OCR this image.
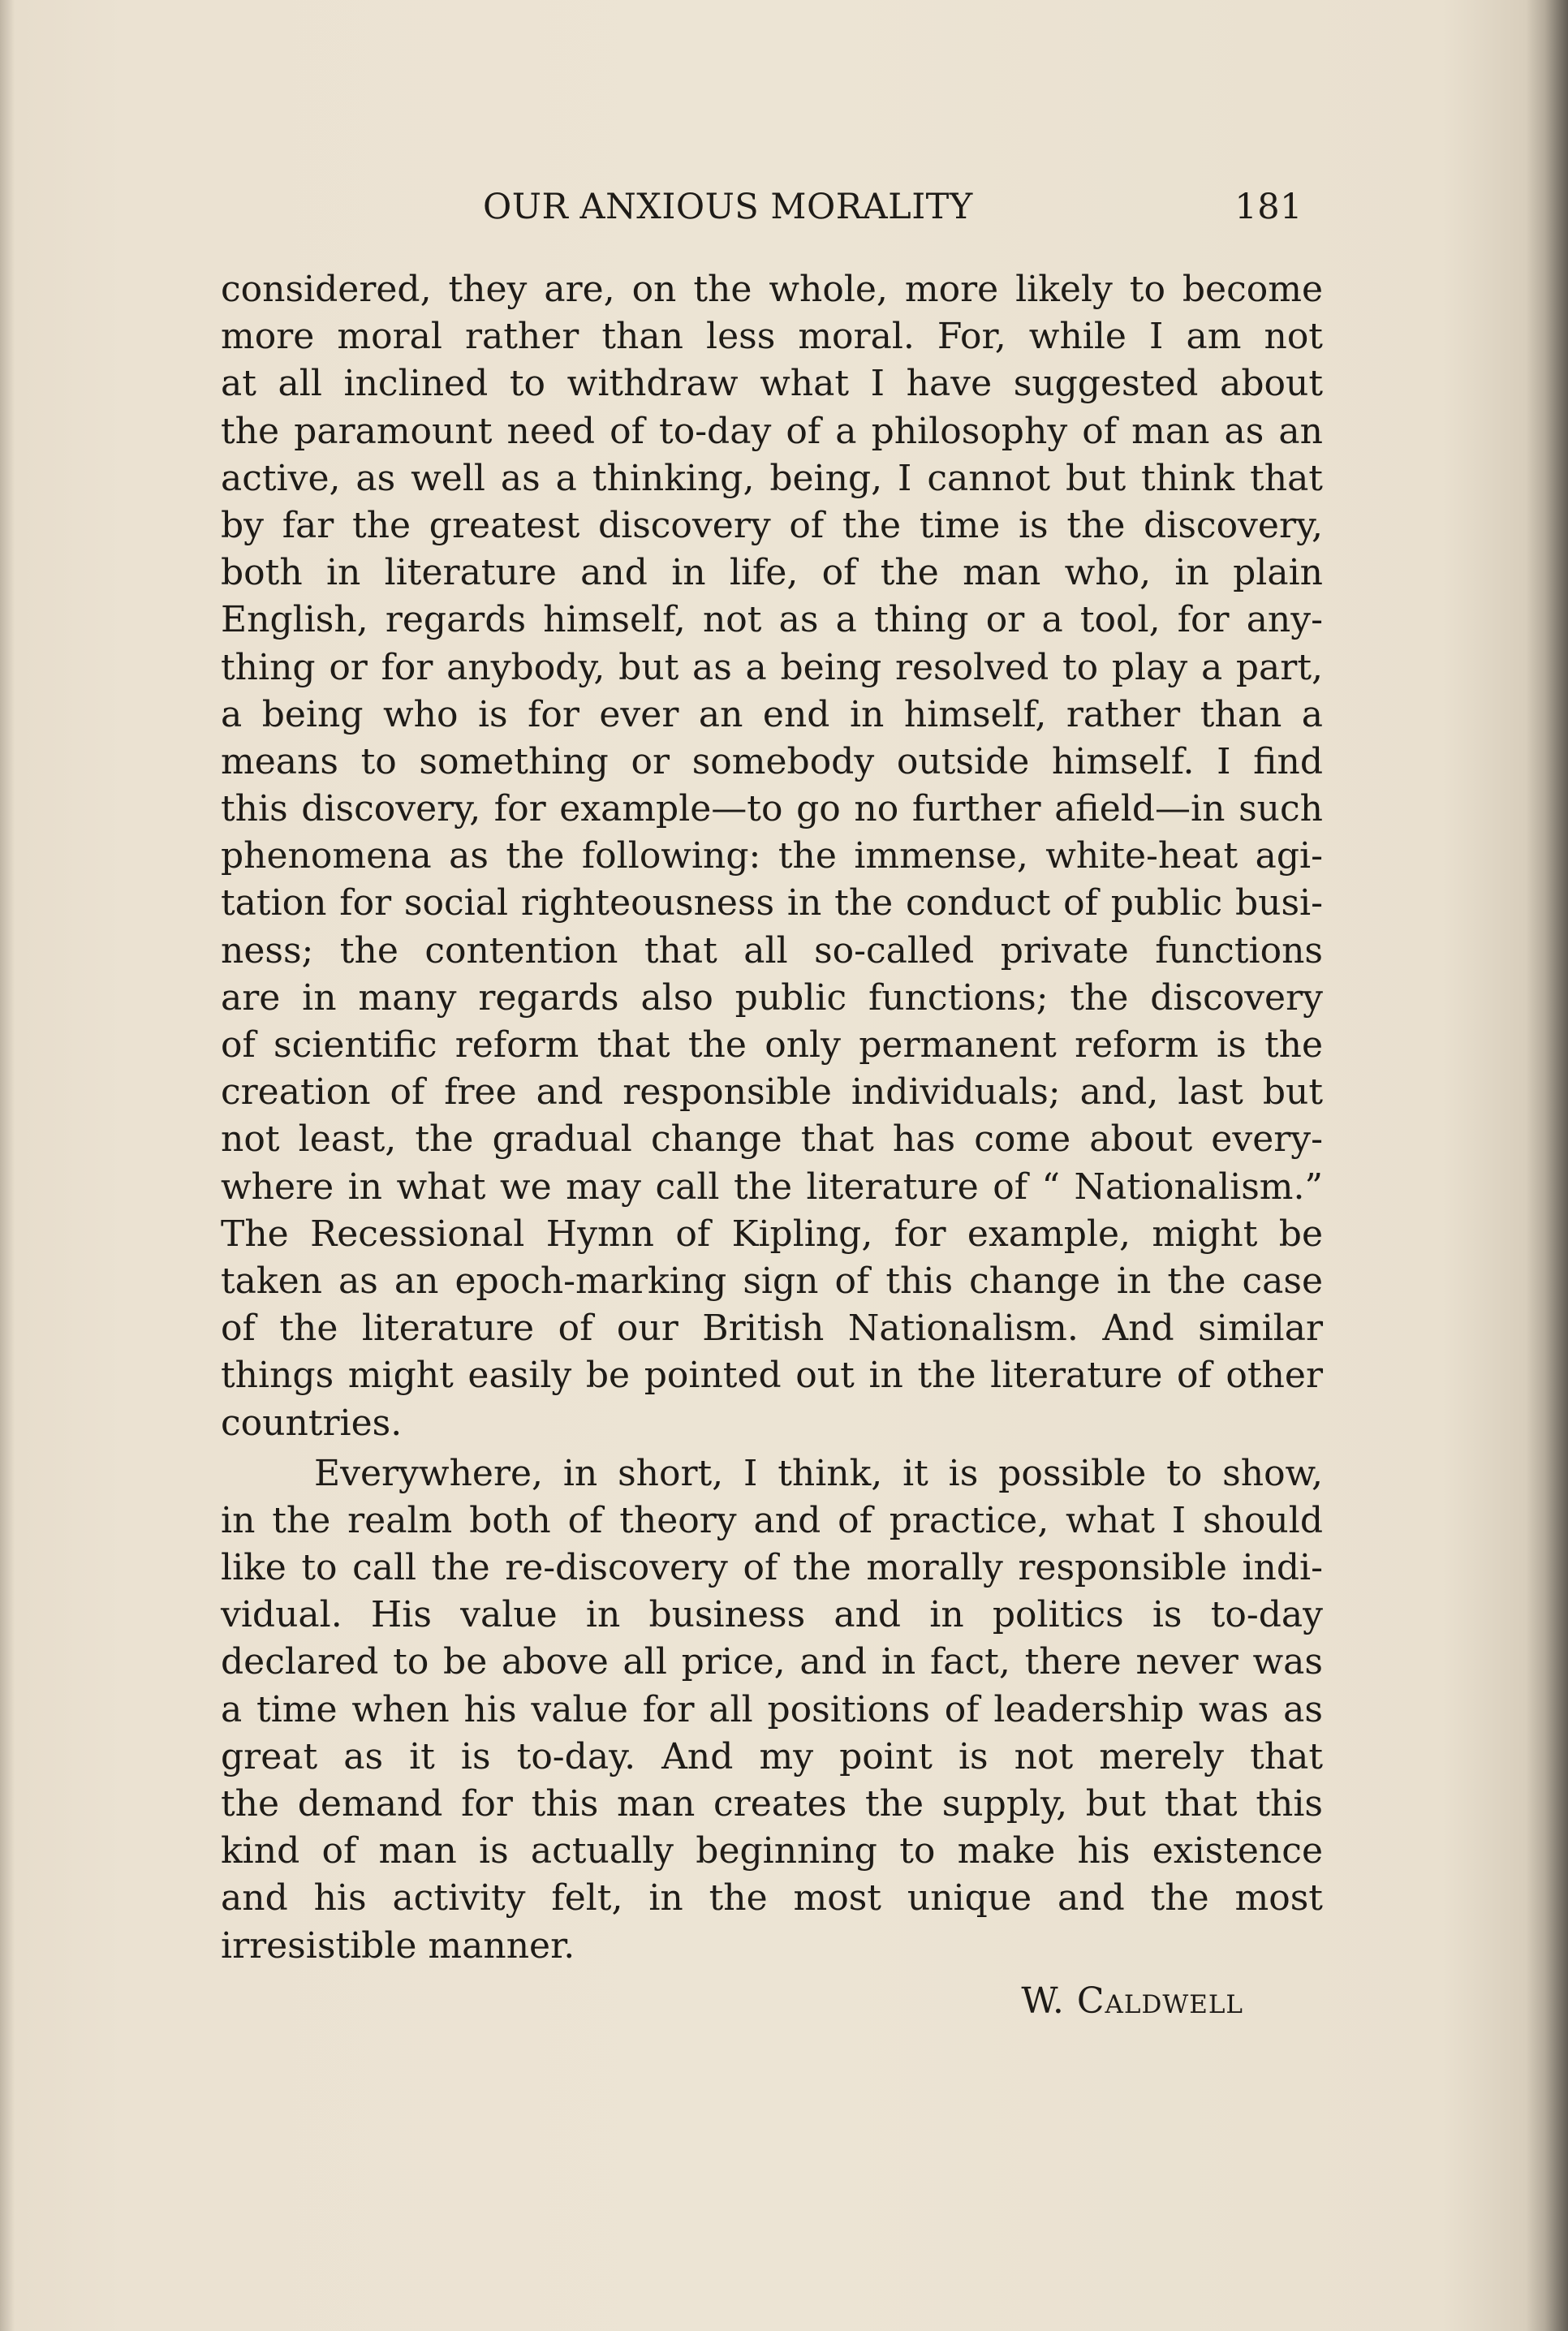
OUR ANXIOUS MORALITY	181
considered, they are, on the whole, more likely to become
more moral rather than less moral. For, while I am not
at all inclined to withdraw what I have suggested about
the paramount need of to-day of a philosophy of man as an
active, as well as a thinking, being, I cannot but think that
by far the greatest discovery of the time is the discovery,
both in literature and in life, of the man who, in plain
English, regards himself, not as a thing or a tool, for any-
thing or for anybody, but as a being resolved to play a part,
a being who is for ever an end in himself, rather than a
means to something or somebody outside himself. I find
this discovery, for example—to go no further afield—in such
phenomena as the following: the immense, white-heat agi-
tation for social righteousness in the conduct of public busi-
ness; the contention that all so-called private functions
are in many regards also public functions; the discovery
of scientific reform that the only permanent reform is the
creation of free and responsible individuals; and, last but
not least, the gradual change that has come about every-
where in what we may call the literature of “ Nationalism.”
The Recessional Hymn of Kipling, for example, might be
taken as an epoch-marking sign of this change in the case
of the literature of our British Nationalism. And similar
things might easily be pointed out in the literature of other
countries.
Everywhere, in short, I think, it is possible to show,
in the realm both of theory and of practice, what I should
like to call the re-discovery of the morally responsible indi-
vidual. His value in business and in politics is to-day
declared to be above all price, and in fact, there never was
a time when his value for all positions of leadership was as
great as it is to-day. And my point is not merely that
the demand for this man creates the supply, but that this
kind of man is actually beginning to make his existence
and his activity felt, in the most unique and the most
irresistible manner.
W. Caldwell
